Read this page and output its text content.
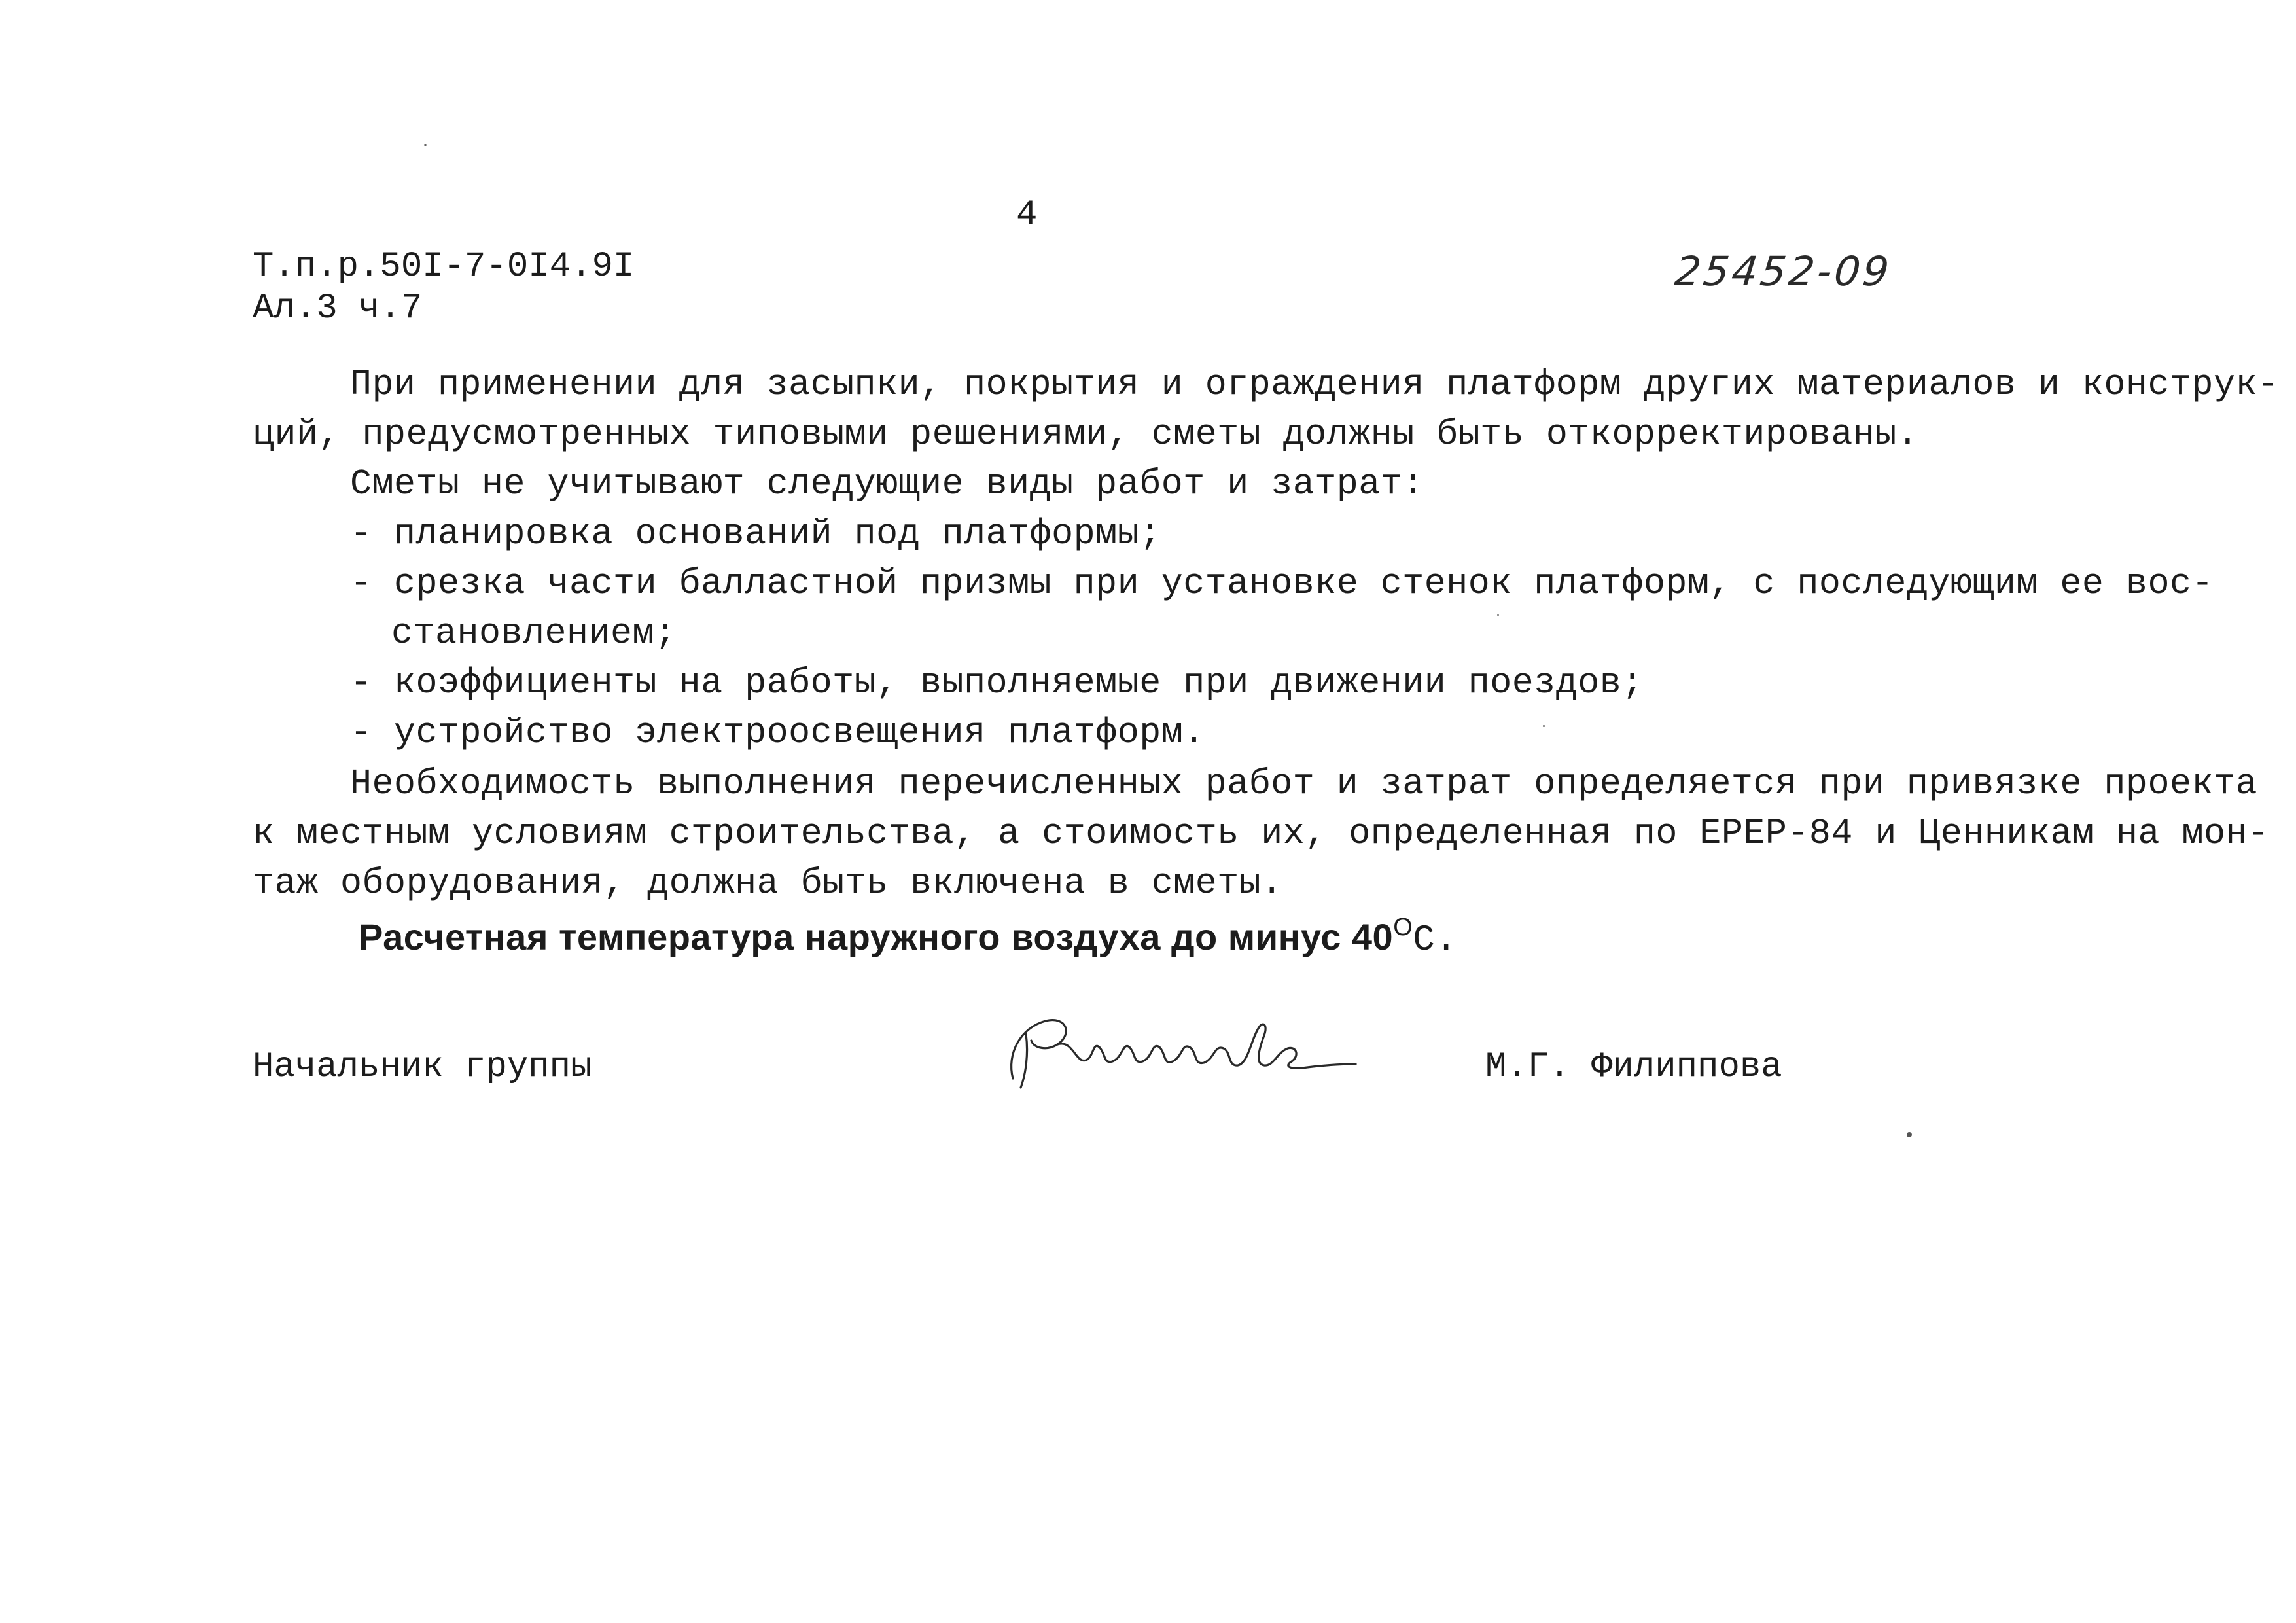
4
Т.п.р.50I-7-0I4.9I
Ал.3 ч.7
25452-09
При применении для засыпки, покрытия и ограждения платформ других материалов и конструк-
ций, предусмотренных типовыми решениями, сметы должны быть откорректированы.
Сметы не учитывают следующие виды работ и затрат:
- планировка оснований под платформы;
- срезка части балластной призмы при установке стенок платформ, с последующим ее вос-
становлением;
- коэффициенты на работы, выполняемые при движении поездов;
- устройство электроосвещения платформ.
Необходимость выполнения перечисленных работ и затрат определяется при привязке проекта
к местным условиям строительства, а стоимость их, определенная по ЕРЕР-84 и Ценникам на мон-
таж оборудования, должна быть включена в сметы.
Расчетная температура наружного воздуха до минус $40^ОС$.
Начальник группы	М.Г. Филиппова
